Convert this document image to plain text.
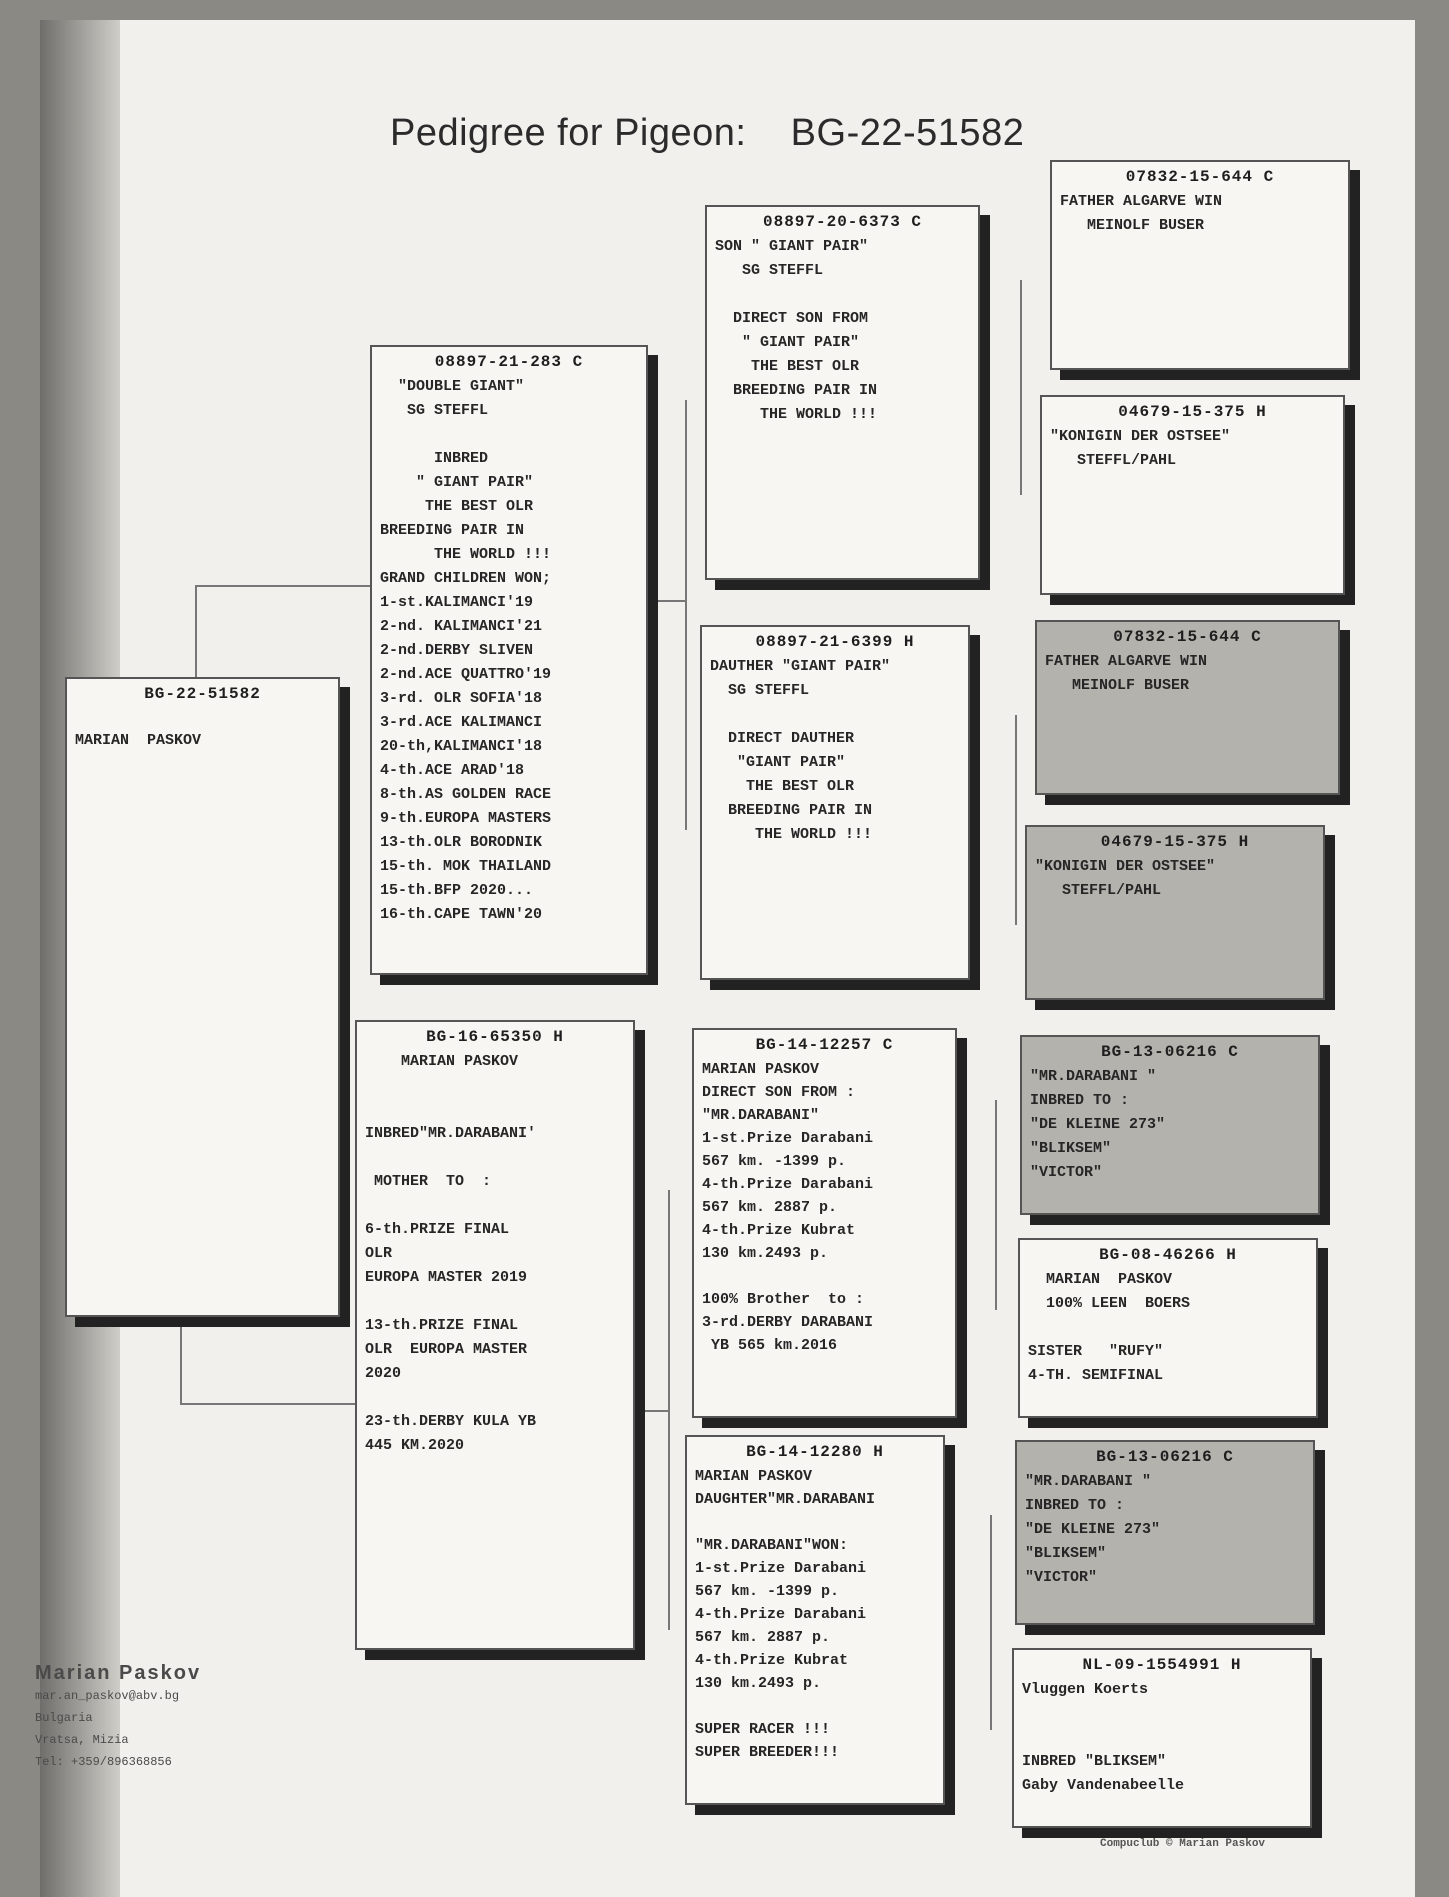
Pedigree for Pigeon:    BG-22-51582
BG-22-51582
MARIAN  PASKOV
08897-21-283 C
"DOUBLE GIANT"
SG STEFFL

INBRED
" GIANT PAIR"
THE BEST OLR
BREEDING PAIR IN
THE WORLD !!!
GRAND CHILDREN WON;
1-st.KALIMANCI'19
2-nd. KALIMANCI'21
2-nd.DERBY SLIVEN
2-nd.ACE QUATTRO'19
3-rd. OLR SOFIA'18
3-rd.ACE KALIMANCI
20-th,KALIMANCI'18
4-th.ACE ARAD'18
8-th.AS GOLDEN RACE
9-th.EUROPA MASTERS
13-th.OLR BORODNIK
15-th. MOK THAILAND
15-th.BFP 2020...
16-th.CAPE TAWN'20
BG-16-65350 H
MARIAN PASKOV

INBRED"MR.DARABANI'

MOTHER  TO  :

6-th.PRIZE FINAL
OLR
EUROPA MASTER 2019

13-th.PRIZE FINAL
OLR  EUROPA MASTER
2020

23-th.DERBY KULA YB
445 KM.2020
08897-20-6373 C
SON " GIANT PAIR"
SG STEFFL

DIRECT SON FROM
" GIANT PAIR"
THE BEST OLR
BREEDING PAIR IN
THE WORLD !!!
08897-21-6399 H
DAUTHER "GIANT PAIR"
SG STEFFL

DIRECT DAUTHER
"GIANT PAIR"
THE BEST OLR
BREEDING PAIR IN
THE WORLD !!!
BG-14-12257 C
MARIAN PASKOV
DIRECT SON FROM :
"MR.DARABANI"
1-st.Prize Darabani
567 km. -1399 p.
4-th.Prize Darabani
567 km. 2887 p.
4-th.Prize Kubrat
130 km.2493 p.

100% Brother  to :
3-rd.DERBY DARABANI
YB 565 km.2016
BG-14-12280 H
MARIAN PASKOV
DAUGHTER"MR.DARABANI

"MR.DARABANI"WON:
1-st.Prize Darabani
567 km. -1399 p.
4-th.Prize Darabani
567 km. 2887 p.
4-th.Prize Kubrat
130 km.2493 p.

SUPER RACER !!!
SUPER BREEDER!!!
07832-15-644 C
FATHER ALGARVE WIN
MEINOLF BUSER
04679-15-375 H
"KONIGIN DER OSTSEE"
STEFFL/PAHL
07832-15-644 C
FATHER ALGARVE WIN
MEINOLF BUSER
04679-15-375 H
"KONIGIN DER OSTSEE"
STEFFL/PAHL
BG-13-06216 C
"MR.DARABANI "
INBRED TO :
"DE KLEINE 273"
"BLIKSEM"
"VICTOR"
BG-08-46266 H
MARIAN  PASKOV
100% LEEN  BOERS

SISTER   "RUFY"
4-TH. SEMIFINAL
BG-13-06216 C
"MR.DARABANI "
INBRED TO :
"DE KLEINE 273"
"BLIKSEM"
"VICTOR"
NL-09-1554991 H
Vluggen Koerts

INBRED "BLIKSEM"
Gaby Vandenabeelle
Marian Paskov
mar.an_paskov@abv.bg
Bulgaria
Vratsa, Mizia
Tel: +359/896368856
Compuclub © Marian Paskov
